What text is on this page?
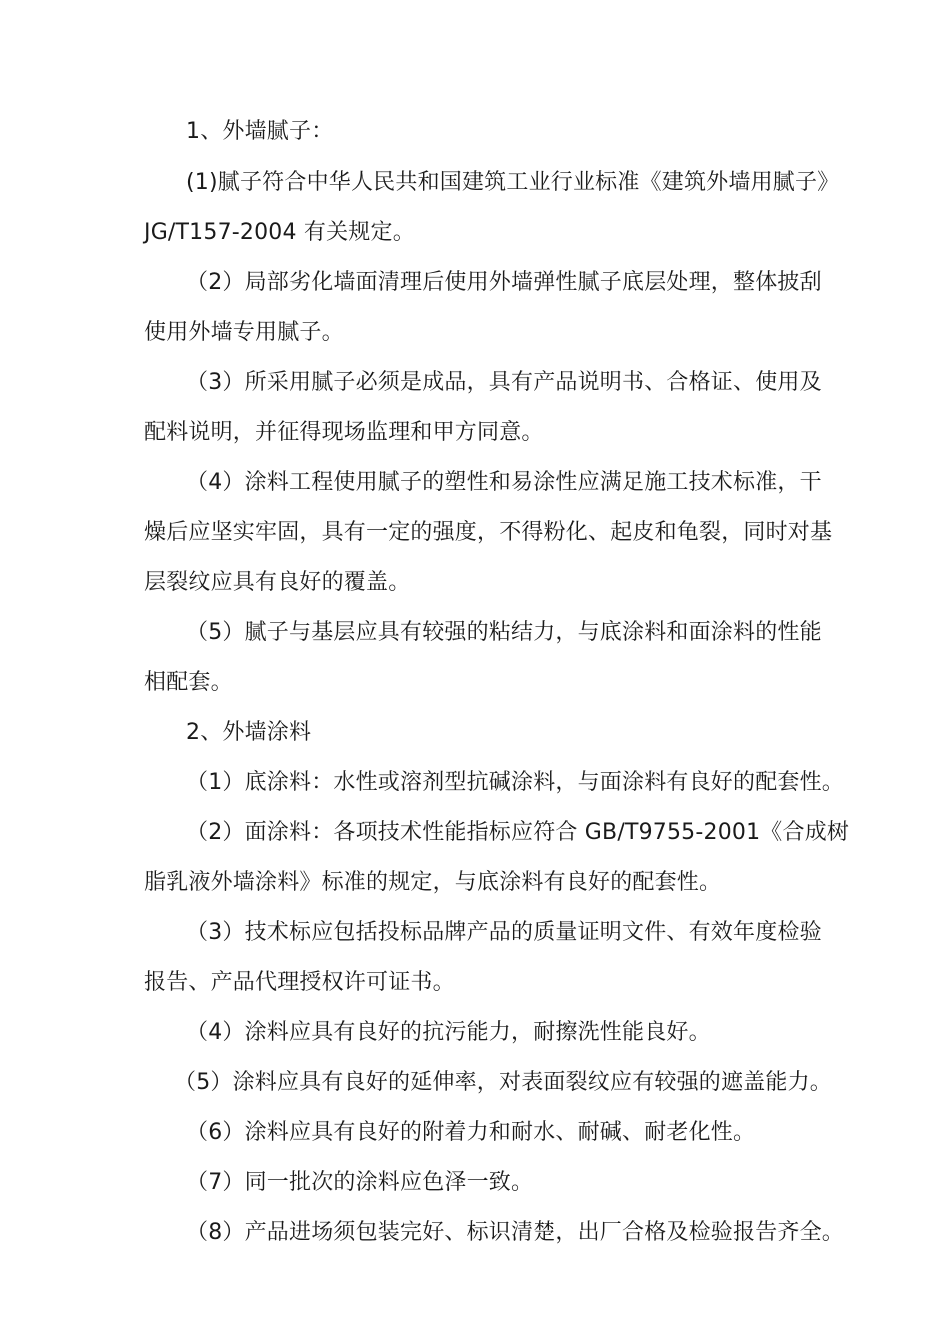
1、外墙腻子：
(1)腻子符合中华人民共和国建筑工业行业标准《建筑外墙用腻子》
JG/T157-2004 有关规定。
（2）局部劣化墙面清理后使用外墙弹性腻子底层处理，整体披刮
使用外墙专用腻子。
（3）所采用腻子必须是成品，具有产品说明书、合格证、使用及
配料说明，并征得现场监理和甲方同意。
（4）涂料工程使用腻子的塑性和易涂性应满足施工技术标准，干
燥后应坚实牢固，具有一定的强度，不得粉化、起皮和龟裂，同时对基
层裂纹应具有良好的覆盖。
（5）腻子与基层应具有较强的粘结力，与底涂料和面涂料的性能
相配套。
2、外墙涂料
（1）底涂料：水性或溶剂型抗碱涂料，与面涂料有良好的配套性。
（2）面涂料：各项技术性能指标应符合 GB/T9755-2001《合成树
脂乳液外墙涂料》标准的规定，与底涂料有良好的配套性。
（3）技术标应包括投标品牌产品的质量证明文件、有效年度检验
报告、产品代理授权许可证书。
（4）涂料应具有良好的抗污能力，耐擦洗性能良好。
（5）涂料应具有良好的延伸率，对表面裂纹应有较强的遮盖能力。
（6）涂料应具有良好的附着力和耐水、耐碱、耐老化性。
（7）同一批次的涂料应色泽一致。
（8）产品进场须包装完好、标识清楚，出厂合格及检验报告齐全。
